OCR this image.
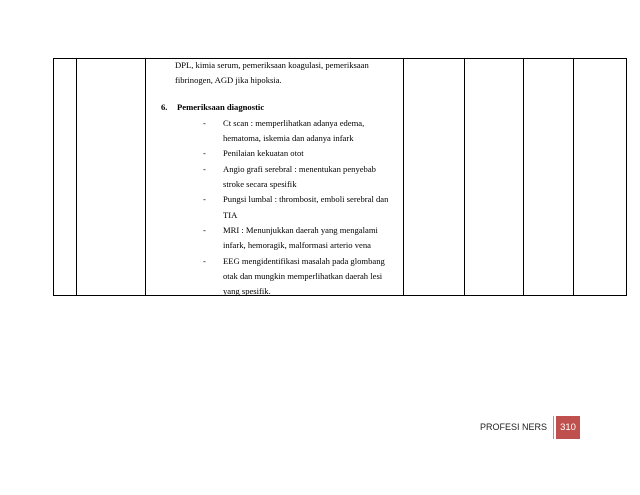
DPL, kimia serum, pemeriksaan koagulasi, pemeriksaan
fibrinogen, AGD jika hipoksia.

6. Pemeriksaan diagnostic
- Ct scan : memperlihatkan adanya edema,
hematoma, iskemia dan adanya infark
- Penilaian kekuatan otot
- Angio grafi serebral : menentukan penyebab
stroke secara spesifik
- Pungsi lumbal : thrombosit, emboli serebral dan
TIA
- MRI : Menunjukkan daerah yang mengalami
infark, hemoragik, malformasi arterio vena
- EEG mengidentifikasi masalah pada glombang
otak dan mungkin memperlihatkan daerah lesi
yang spesifik.
PROFESI NERS	310
